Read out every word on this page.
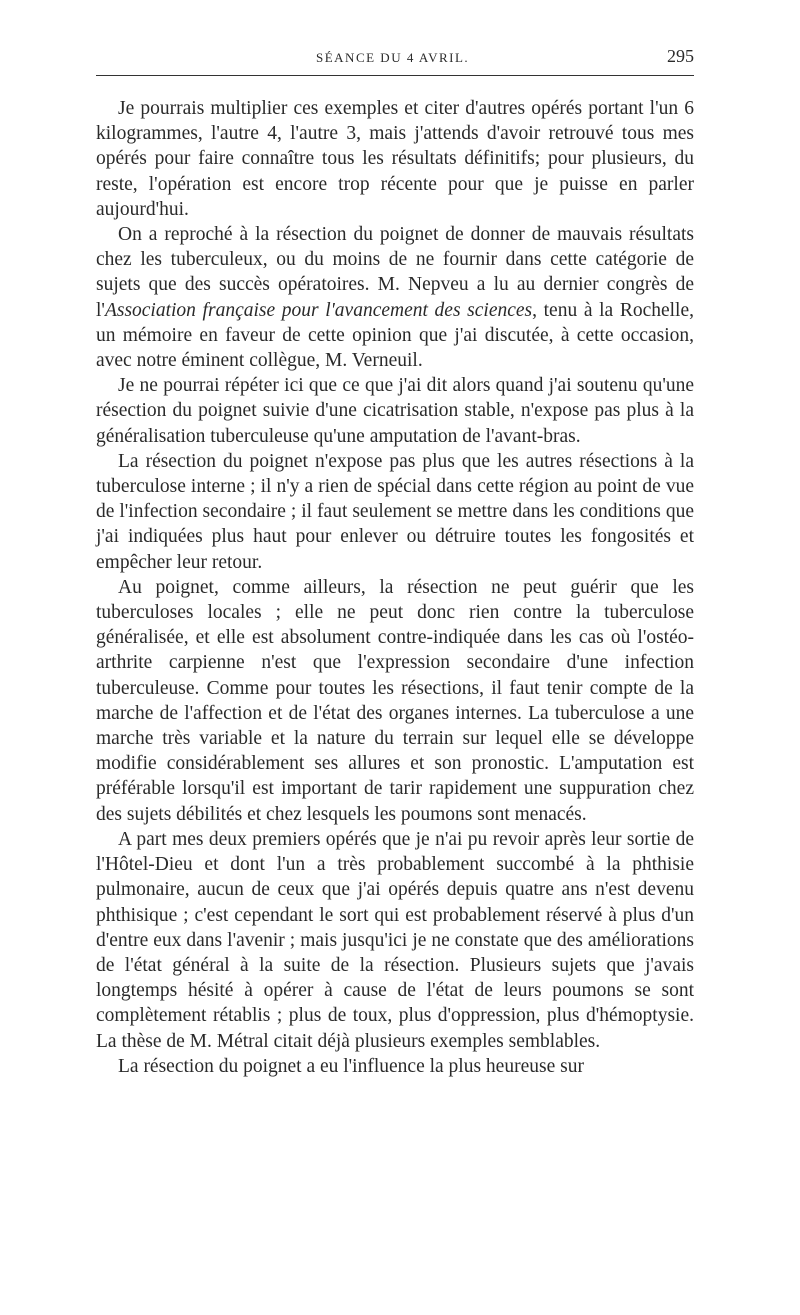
SÉANCE DU 4 AVRIL.	295

Je pourrais multiplier ces exemples et citer d'autres opérés portant l'un 6 kilogrammes, l'autre 4, l'autre 3, mais j'attends d'avoir retrouvé tous mes opérés pour faire connaître tous les résultats définitifs; pour plusieurs, du reste, l'opération est encore trop récente pour que je puisse en parler aujourd'hui.

On a reproché à la résection du poignet de donner de mauvais résultats chez les tuberculeux, ou du moins de ne fournir dans cette catégorie de sujets que des succès opératoires. M. Nepveu a lu au dernier congrès de l'Association française pour l'avancement des sciences, tenu à la Rochelle, un mémoire en faveur de cette opinion que j'ai discutée, à cette occasion, avec notre éminent collègue, M. Verneuil.

Je ne pourrai répéter ici que ce que j'ai dit alors quand j'ai soutenu qu'une résection du poignet suivie d'une cicatrisation stable, n'expose pas plus à la généralisation tuberculeuse qu'une amputation de l'avant-bras.

La résection du poignet n'expose pas plus que les autres résections à la tuberculose interne ; il n'y a rien de spécial dans cette région au point de vue de l'infection secondaire ; il faut seulement se mettre dans les conditions que j'ai indiquées plus haut pour enlever ou détruire toutes les fongosités et empêcher leur retour.

Au poignet, comme ailleurs, la résection ne peut guérir que les tuberculoses locales ; elle ne peut donc rien contre la tuberculose généralisée, et elle est absolument contre-indiquée dans les cas où l'ostéo-arthrite carpienne n'est que l'expression secondaire d'une infection tuberculeuse. Comme pour toutes les résections, il faut tenir compte de la marche de l'affection et de l'état des organes internes. La tuberculose a une marche très variable et la nature du terrain sur lequel elle se développe modifie considérablement ses allures et son pronostic. L'amputation est préférable lorsqu'il est important de tarir rapidement une suppuration chez des sujets débilités et chez lesquels les poumons sont menacés.

A part mes deux premiers opérés que je n'ai pu revoir après leur sortie de l'Hôtel-Dieu et dont l'un a très probablement succombé à la phthisie pulmonaire, aucun de ceux que j'ai opérés depuis quatre ans n'est devenu phthisique ; c'est cependant le sort qui est probablement réservé à plus d'un d'entre eux dans l'avenir ; mais jusqu'ici je ne constate que des améliorations de l'état général à la suite de la résection. Plusieurs sujets que j'avais longtemps hésité à opérer à cause de l'état de leurs poumons se sont complètement rétablis ; plus de toux, plus d'oppression, plus d'hémoptysie. La thèse de M. Métral citait déjà plusieurs exemples semblables.

La résection du poignet a eu l'influence la plus heureuse sur
